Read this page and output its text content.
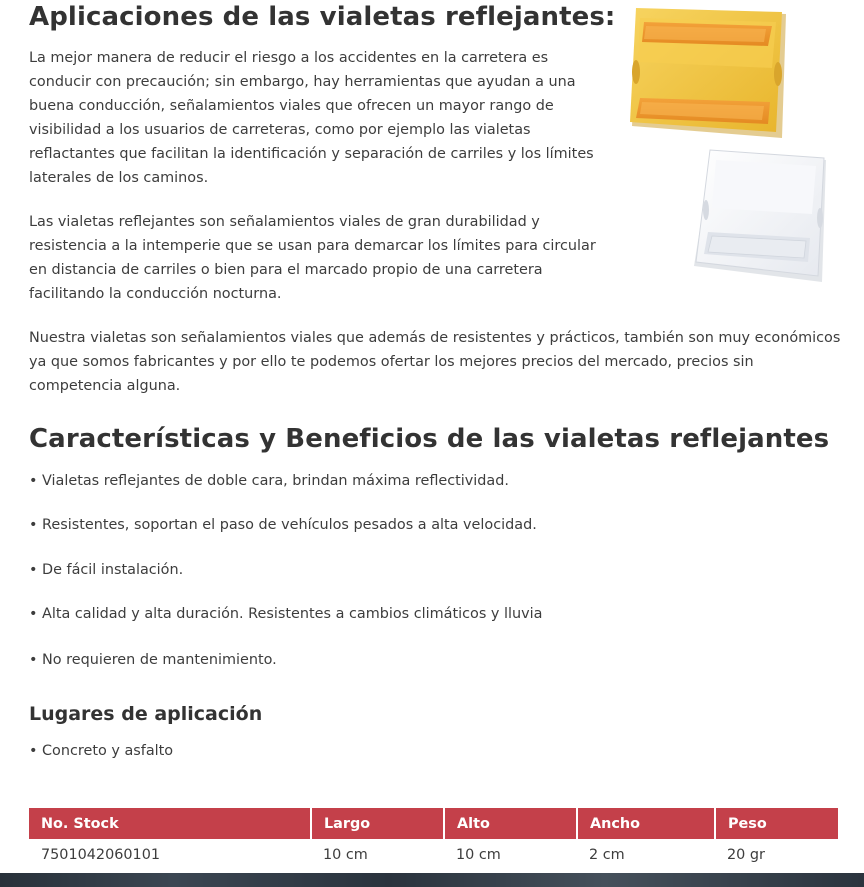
Aplicaciones de las vialetas reflejantes:

La mejor manera de reducir el riesgo a los accidentes en la carretera es
conducir con precaución; sin embargo, hay herramientas que ayudan a una
buena conducción, señalamientos viales que ofrecen un mayor rango de
visibilidad a los usuarios de carreteras, como por ejemplo las vialetas
reflactantes que facilitan la identificación y separación de carriles y los límites
laterales de los caminos.

Las vialetas reflejantes son señalamientos viales de gran durabilidad y
resistencia a la intemperie que se usan para demarcar los límites para circular
en distancia de carriles o bien para el marcado propio de una carretera
facilitando la conducción nocturna.

Nuestra vialetas son señalamientos viales que además de resistentes y prácticos, también son muy económicos
ya que somos fabricantes y por ello te podemos ofertar los mejores precios del mercado, precios sin
competencia alguna.

Características y Beneficios de las vialetas reflejantes

• Vialetas reflejantes de doble cara, brindan máxima reflectividad.

• Resistentes, soportan el paso de vehículos pesados a alta velocidad.

• De fácil instalación.

• Alta calidad y alta duración. Resistentes a cambios climáticos y lluvia

• No requieren de mantenimiento.

Lugares de aplicación

• Concreto y asfalto

No. Stock	Largo	Alto	Ancho	Peso
7501042060101	10 cm	10 cm	2 cm	20 gr
